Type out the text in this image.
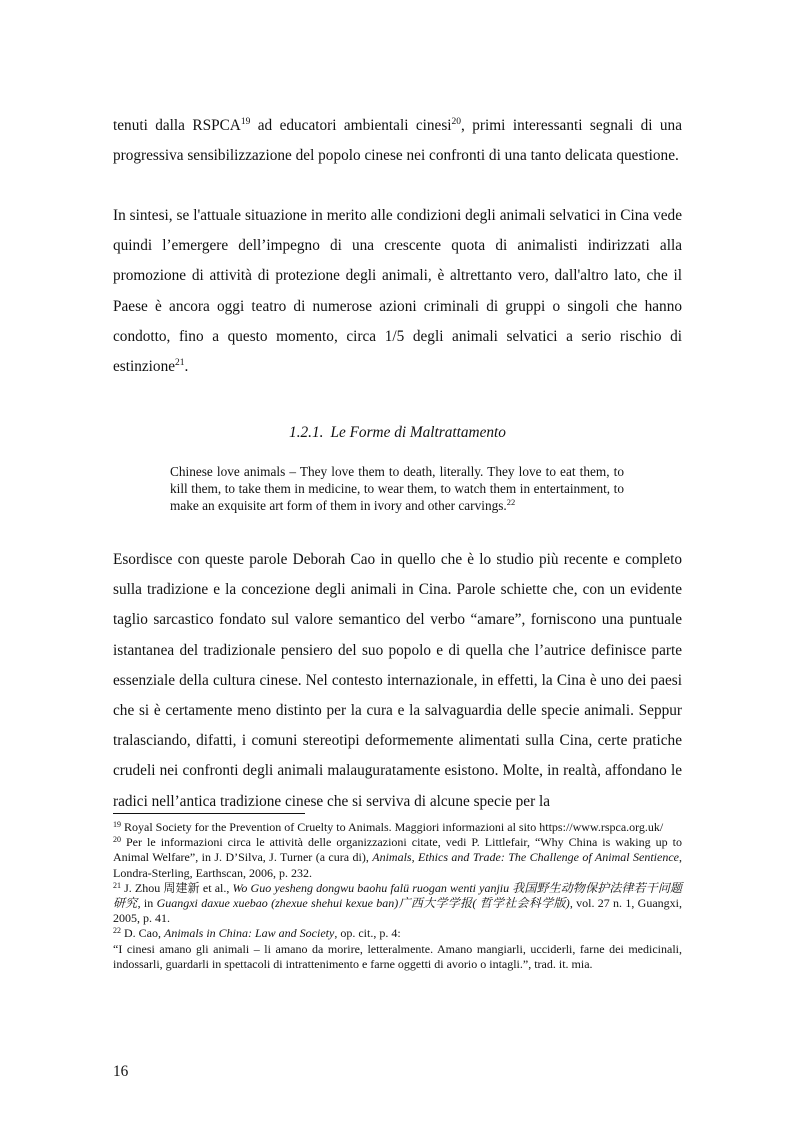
tenuti dalla RSPCA$^{19}$ ad educatori ambientali cinesi$^{20}$, primi interessanti segnali di una progressiva sensibilizzazione del popolo cinese nei confronti di una tanto delicata questione.

In sintesi, se l'attuale situazione in merito alle condizioni degli animali selvatici in Cina vede quindi l’emergere dell’impegno di una crescente quota di animalisti indirizzati alla promozione di attività di protezione degli animali, è altrettanto vero, dall'altro lato, che il Paese è ancora oggi teatro di numerose azioni criminali di gruppi o singoli che hanno condotto, fino a questo momento, circa 1/5 degli animali selvatici a serio rischio di estinzione$^{21}$.

1.2.1. Le Forme di Maltrattamento

Chinese love animals – They love them to death, literally. They love to eat them, to kill them, to take them in medicine, to wear them, to watch them in entertainment, to make an exquisite art form of them in ivory and other carvings.$^{22}$

Esordisce con queste parole Deborah Cao in quello che è lo studio più recente e completo sulla tradizione e la concezione degli animali in Cina. Parole schiette che, con un evidente taglio sarcastico fondato sul valore semantico del verbo “amare”, forniscono una puntuale istantanea del tradizionale pensiero del suo popolo e di quella che l’autrice definisce parte essenziale della cultura cinese. Nel contesto internazionale, in effetti, la Cina è uno dei paesi che si è certamente meno distinto per la cura e la salvaguardia delle specie animali. Seppur tralasciando, difatti, i comuni stereotipi deformemente alimentati sulla Cina, certe pratiche crudeli nei confronti degli animali malauguratamente esistono. Molte, in realtà, affondano le radici nell’antica tradizione cinese che si serviva di alcune specie per la

$^{19}$ Royal Society for the Prevention of Cruelty to Animals. Maggiori informazioni al sito https://www.rspca.org.uk/

$^{20}$ Per le informazioni circa le attività delle organizzazioni citate, vedi P. Littlefair, “Why China is waking up to Animal Welfare”, in J. D’Silva, J. Turner (a cura di), Animals, Ethics and Trade: The Challenge of Animal Sentience, Londra-Sterling, Earthscan, 2006, p. 232.

$^{21}$ J. Zhou 周建新 et al., Wo Guo yesheng dongwu baohu falü ruogan wenti yanjiu 我国野生动物保护法律若干问题研究, in Guangxi daxue xuebao (zhexue shehui kexue ban)广西大学学报( 哲学社会科学版), vol. 27 n. 1, Guangxi, 2005, p. 41.

$^{22}$ D. Cao, Animals in China: Law and Society, op. cit., p. 4:

“I cinesi amano gli animali – li amano da morire, letteralmente. Amano mangiarli, ucciderli, farne dei medicinali, indossarli, guardarli in spettacoli di intrattenimento e farne oggetti di avorio o intagli.”, trad. it. mia.

16
